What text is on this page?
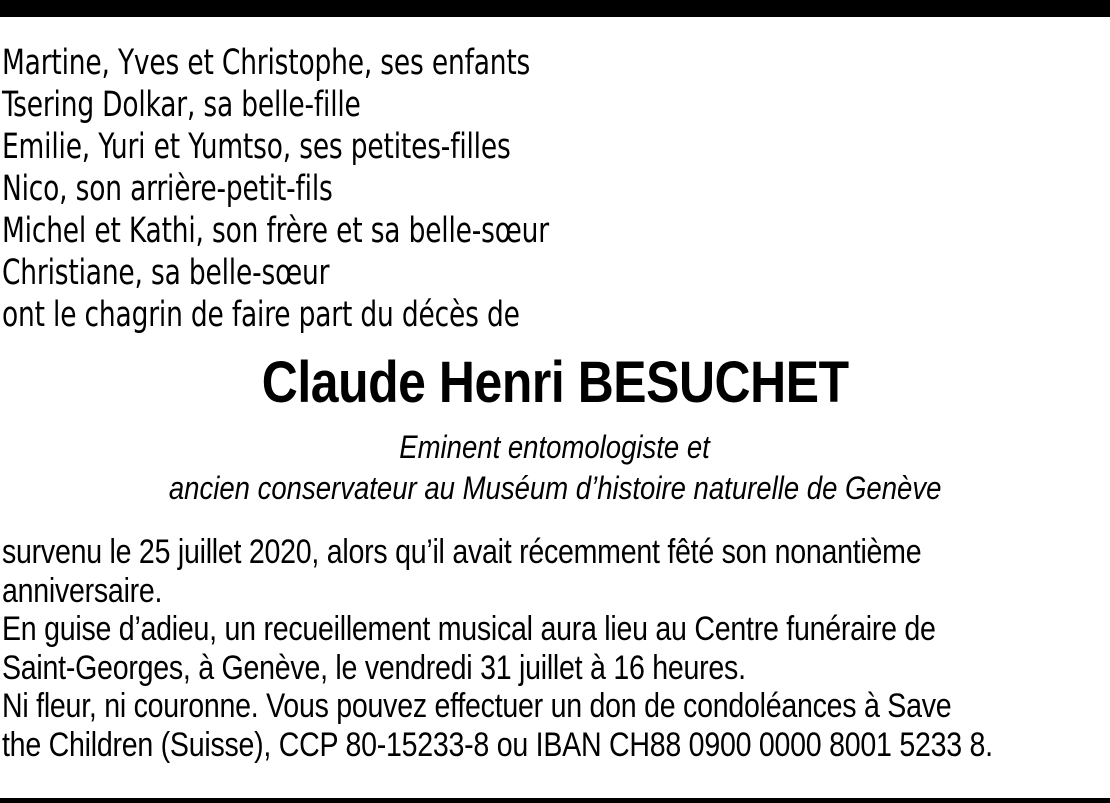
Martine, Yves et Christophe, ses enfants
Tsering Dolkar, sa belle-fille
Emilie, Yuri et Yumtso, ses petites-filles
Nico, son arrière-petit-fils
Michel et Kathi, son frère et sa belle-sœur
Christiane, sa belle-sœur
ont le chagrin de faire part du décès de
Claude Henri BESUCHET
Eminent entomologiste et
ancien conservateur au Muséum d’histoire naturelle de Genève
survenu le 25 juillet 2020, alors qu’il avait récemment fêté son nonantième
anniversaire.
En guise d’adieu, un recueillement musical aura lieu au Centre funéraire de
Saint-Georges, à Genève, le vendredi 31 juillet à 16 heures.
Ni fleur, ni couronne. Vous pouvez effectuer un don de condoléances à Save
the Children (Suisse), CCP 80-15233-8 ou IBAN CH88 0900 0000 8001 5233 8.
